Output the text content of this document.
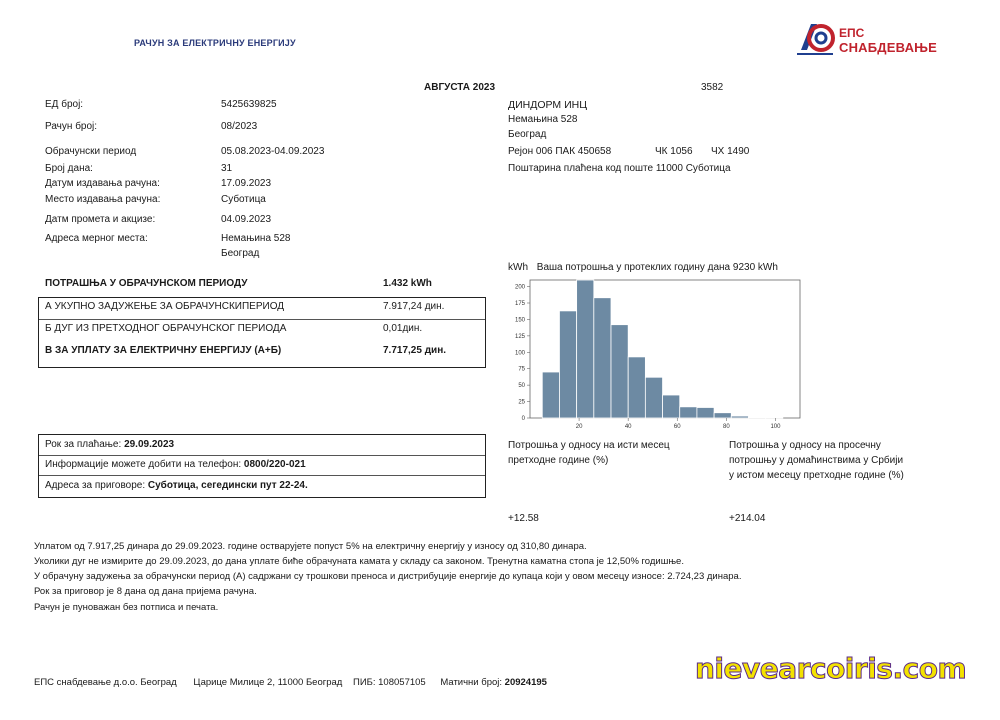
РАЧУН ЗА ЕЛЕКТРИЧНУ ЕНЕРГИЈУ
ЕПС
СНАБДЕВАЊЕ
АВГУСТА 2023	3582
ЕД број:	5425639825
Рачун број:	08/2023
Обрачунски период	05.08.2023-04.09.2023
Број дана:	31
Датум издавања рачуна:	17.09.2023
Место издавања рачуна:	Суботица
Датм промета и акцизе:	04.09.2023
Адреса мерног места:	Немањина 528
Београд
ДИНДОРМ ИНЦ
Немањина 528
Београд
Рејон 006 ПАК 450658	ЧК 1056 ЧХ 1490
Поштарина плаћена код поште 11000 Суботица
ПОТРАШЊА У ОБРАЧУНСКОМ ПЕРИОДУ	1.432 kWh
А УКУПНО ЗАДУЖЕЊЕ ЗА ОБРАЧУНСКИПЕРИОД	7.917,24 дин.
Б ДУГ ИЗ ПРЕТХОДНОГ ОБРАЧУНСКОГ ПЕРИОДА	0,01дин.
В ЗА УПЛАТУ ЗА ЕЛЕКТРИЧНУ ЕНЕРГИЈУ (А+Б)	7.717,25 дин.
Рок за плаћање: 29.09.2023
Информације можете добити на телефон: 0800/220-021
Адреса за приговоре: Суботица, сегедински пут 22-24.
kWh Ваша потрошња у протеклих годину дана 9230 kWh
0
25
50
75
100
125
150
175
200
20	40	60	80	100
Потрошња у односу на исти месец претходне године (%)
Потрошња у односу на просечну потрошњу у домаћинствима у Србији у истом месецу претходне године (%)
+12.58	+214.04
Уплатом од 7.917,25 динара до 29.09.2023. године остварујете попуст 5% на електричну енергију у износу од 310,80 динара.
Уколики дуг не измирите до 29.09.2023, до дана уплате биће обрачуната камата у складу са законом. Тренутна каматна стопа је 12,50% годишње.
У обрачуну задужења за обрачунски период (А) садржани су трошкови преноса и дистрибуције енергије до купаца који у овом месецу износе: 2.724,23 динара.
Рок за приговор је 8 дана од дана пријема рачуна.
Рачун је пуноважан без потписа и печата.
ЕПС снабдевање д.о.о. Београд Царице Милице 2, 11000 Београд ПИБ: 108057105 Матични број: 20924195	nievearcoiris.com
